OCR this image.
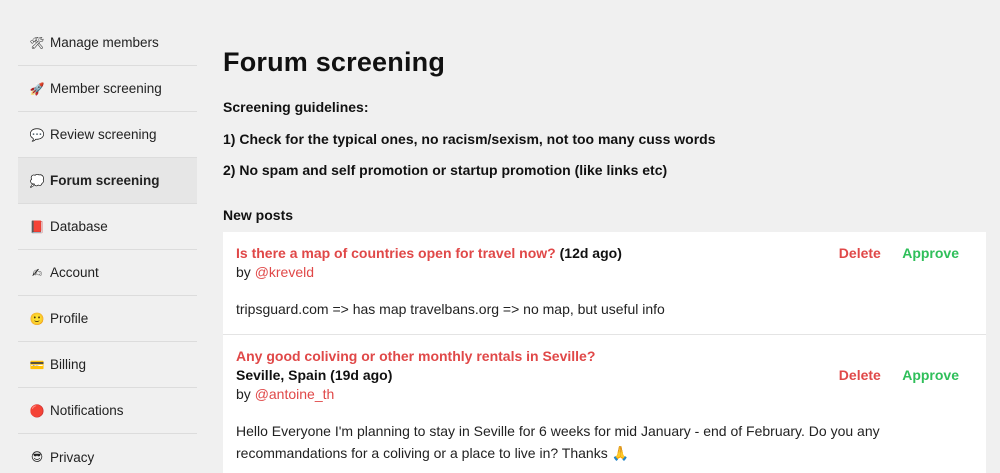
🛠 Manage members
🚀 Member screening
💬 Review screening
💭 Forum screening
📕 Database
✍ Account
🙂 Profile
💳 Billing
🔴 Notifications
😎 Privacy
Forum screening

Screening guidelines:

1) Check for the typical ones, no racism/sexism, not too many cuss words

2) No spam and self promotion or startup promotion (like links etc)

New posts
Delete Approve
Is there a map of countries open for travel now? (12d ago)
by @kreveld
tripsguard.com => has map travelbans.org => no map, but useful info
Delete Approve
Any good coliving or other monthly rentals in Seville?
Seville, Spain (19d ago)
by @antoine_th
Hello Everyone I'm planning to stay in Seville for 6 weeks for mid January - end of February. Do you any recommandations for a coliving or a place to live in? Thanks 🙏
